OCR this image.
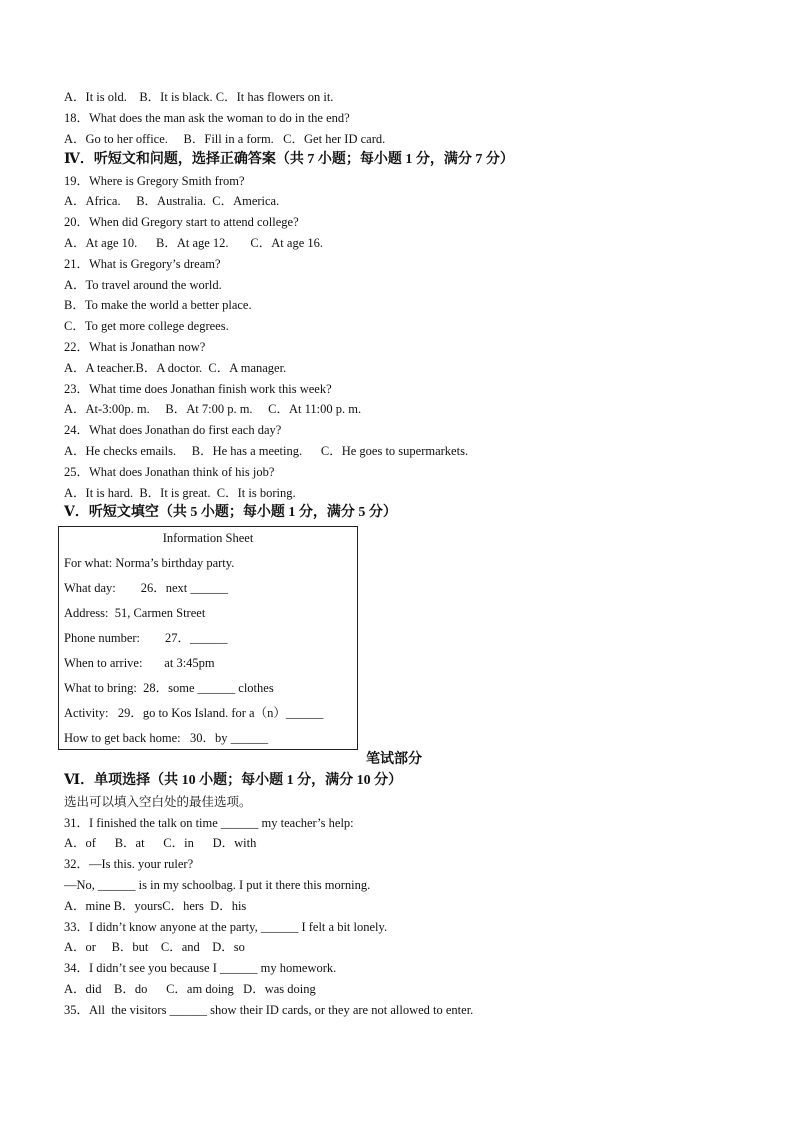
A．It is old.    B．It is black. C．It has flowers on it.
18．What does the man ask the woman to do in the end?
A．Go to her office.     B．Fill in a form.   C．Get her ID card.
Ⅳ．听短文和问题，选择正确答案（共 7 小题；每小题 1 分，满分 7 分）
19．Where is Gregory Smith from?
A．Africa.     B．Australia.  C．America.
20．When did Gregory start to attend college?
A．At age 10.      B．At age 12.       C．At age 16.
21．What is Gregory’s dream?
A．To travel around the world.
B．To make the world a better place.
C．To get more college degrees.
22．What is Jonathan now?
A．A teacher.B．A doctor.  C．A manager.
23．What time does Jonathan finish work this week?
A．At-3:00p. m.     B．At 7:00 p. m.     C．At 11:00 p. m.
24．What does Jonathan do first each day?
A．He checks emails.     B．He has a meeting.      C．He goes to supermarkets.
25．What does Jonathan think of his job?
A．It is hard.  B．It is great.  C．It is boring.
Ⅴ．听短文填空（共 5 小题；每小题 1 分，满分 5 分）
Information Sheet
For what: Norma’s birthday party.
What day:        26．next ______
Address:  51, Carmen Street
Phone number:        27．______
When to arrive:       at 3:45pm
What to bring:  28．some ______ clothes
Activity:   29．go to Kos Island. for a（n）______
How to get back home:   30．by ______
笔试部分
Ⅵ．单项选择（共 10 小题；每小题 1 分，满分 10 分）
选出可以填入空白处的最佳选项。
31．I finished the talk on time ______ my teacher’s help:
A．of      B．at      C．in      D．with
32．—Is this. your ruler?
—No, ______ is in my schoolbag. I put it there this morning.
A．mine B．yoursC．hers  D．his
33．I didn’t know anyone at the party, ______ I felt a bit lonely.
A．or     B．but    C．and    D．so
34．I didn’t see you because I ______ my homework.
A．did    B．do      C．am doing   D．was doing
35．All  the visitors ______ show their ID cards, or they are not allowed to enter.
